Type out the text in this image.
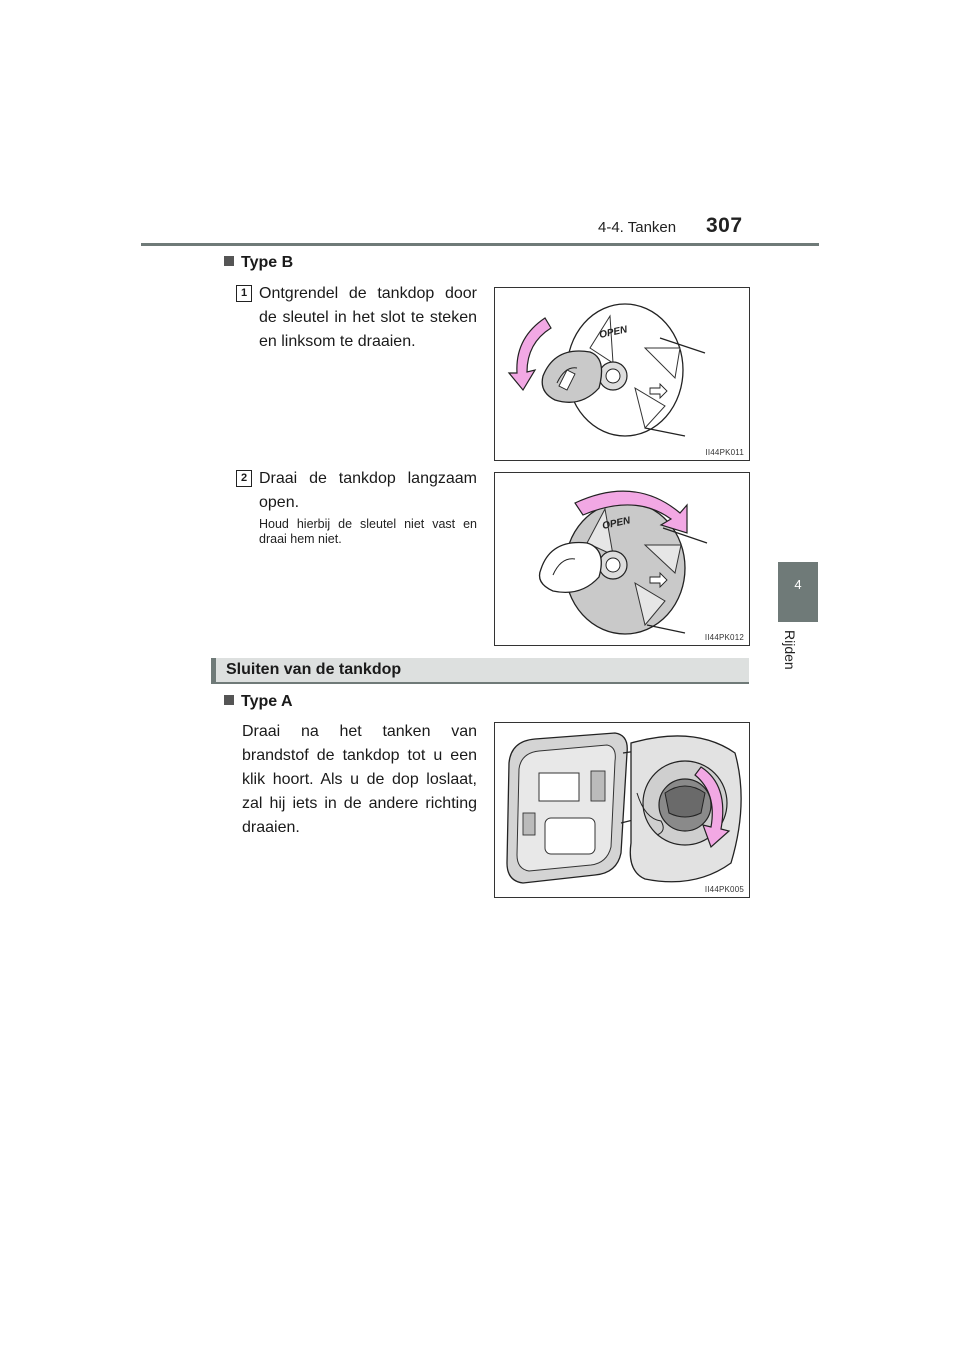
4-4. Tanken 307
4
Rijden
Type B
1 Ontgrendel de tankdop door de sleutel in het slot te steken en linksom te draaien.
OPEN
II44PK011
2 Draai de tankdop langzaam open.
Houd hierbij de sleutel niet vast en draai hem niet.
OPEN
II44PK012
Sluiten van de tankdop
Type A
Draai na het tanken van brandstof de tankdop tot u een klik hoort. Als u de dop loslaat, zal hij iets in de andere richting draaien.
II44PK005
